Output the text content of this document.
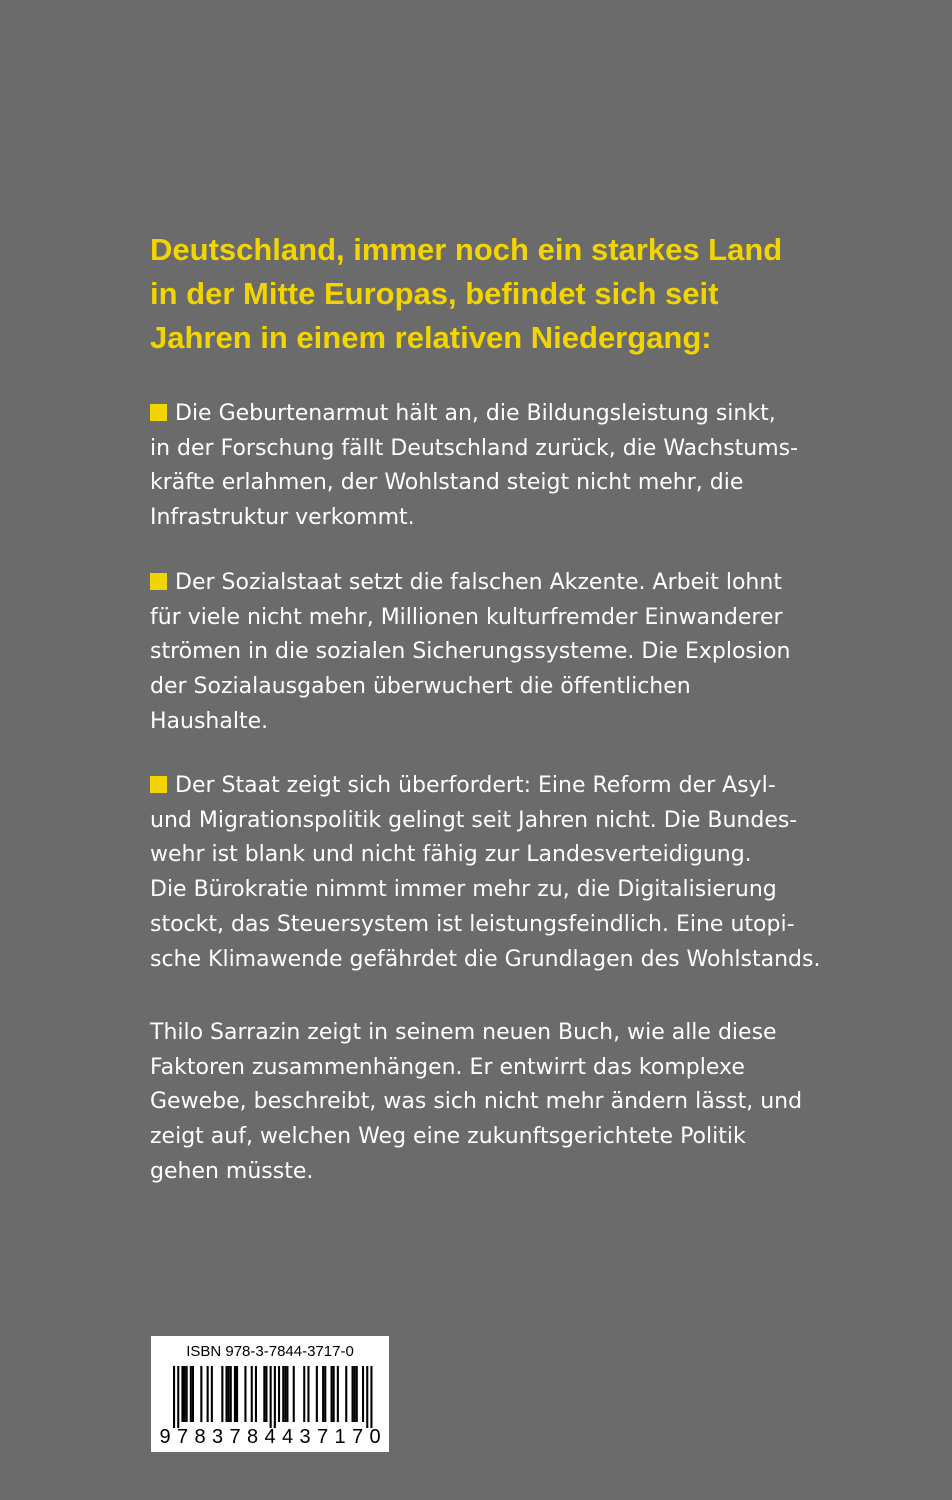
Deutschland, immer noch ein starkes Land
in der Mitte Europas, befindet sich seit
Jahren in einem relativen Niedergang:

Die Geburtenarmut hält an, die Bildungsleistung sinkt,
in der Forschung fällt Deutschland zurück, die Wachstums-
kräfte erlahmen, der Wohlstand steigt nicht mehr, die
Infrastruktur verkommt.

Der Sozialstaat setzt die falschen Akzente. Arbeit lohnt
für viele nicht mehr, Millionen kulturfremder Einwanderer
strömen in die sozialen Sicherungssysteme. Die Explosion
der Sozialausgaben überwuchert die öffentlichen
Haushalte.

Der Staat zeigt sich überfordert: Eine Reform der Asyl-
und Migrationspolitik gelingt seit Jahren nicht. Die Bundes-
wehr ist blank und nicht fähig zur Landesverteidigung.
Die Bürokratie nimmt immer mehr zu, die Digitalisierung
stockt, das Steuersystem ist leistungsfeindlich. Eine utopi-
sche Klimawende gefährdet die Grundlagen des Wohlstands.

Thilo Sarrazin zeigt in seinem neuen Buch, wie alle diese
Faktoren zusammenhängen. Er entwirrt das komplexe
Gewebe, beschreibt, was sich nicht mehr ändern lässt, und
zeigt auf, welchen Weg eine zukunftsgerichtete Politik
gehen müsste.

ISBN 978-3-7844-3717-0

9 7 8 3 7 8 4 4 3 7 1 7 0
